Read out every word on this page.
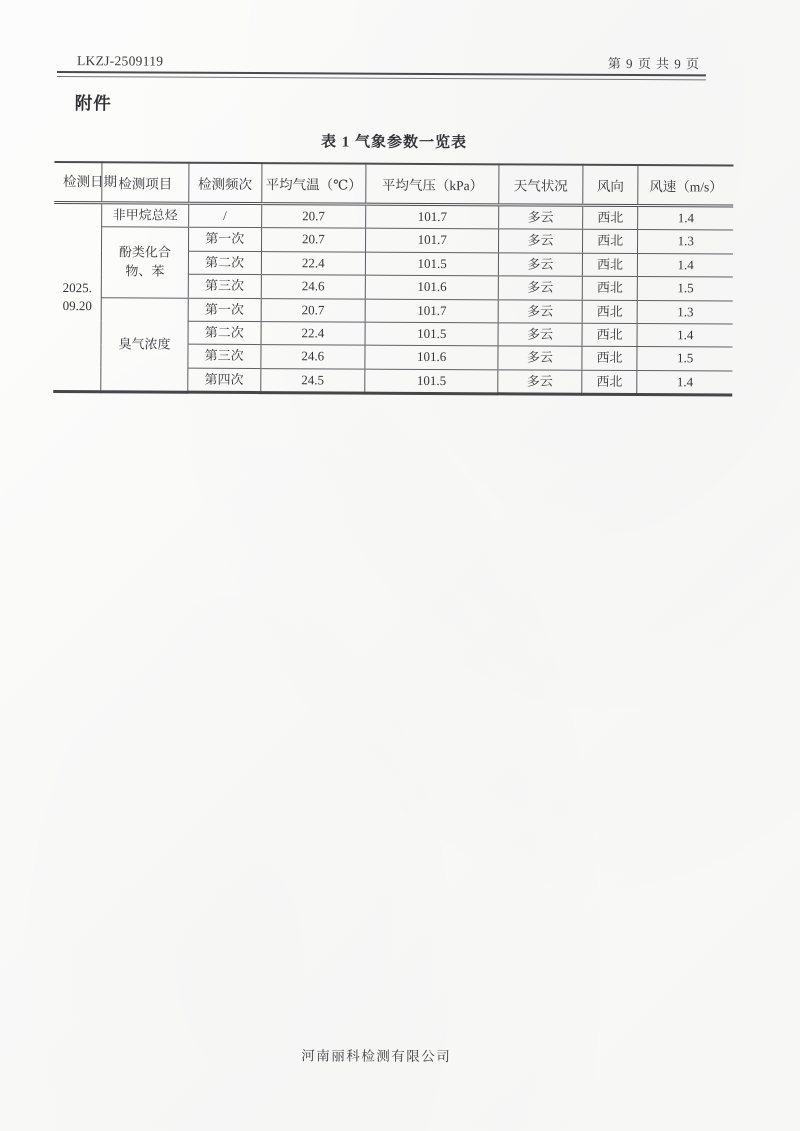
LKZJ-2509119	第 9 页 共 9 页
附件
表 1 气象参数一览表
检测日期	检测项目	检测频次	平均气温（℃）	平均气压（kPa）	天气状况	风向	风速（m/s）

2025.
09.20	非甲烷总烃	/	20.7	101.7	多云	西北	1.4
	酚类化合物、苯	第一次	20.7	101.7	多云	西北	1.3
		第二次	22.4	101.5	多云	西北	1.4
		第三次	24.6	101.6	多云	西北	1.5
	臭气浓度	第一次	20.7	101.7	多云	西北	1.3
		第二次	22.4	101.5	多云	西北	1.4
		第三次	24.6	101.6	多云	西北	1.5
		第四次	24.5	101.5	多云	西北	1.4
河南丽科检测有限公司
